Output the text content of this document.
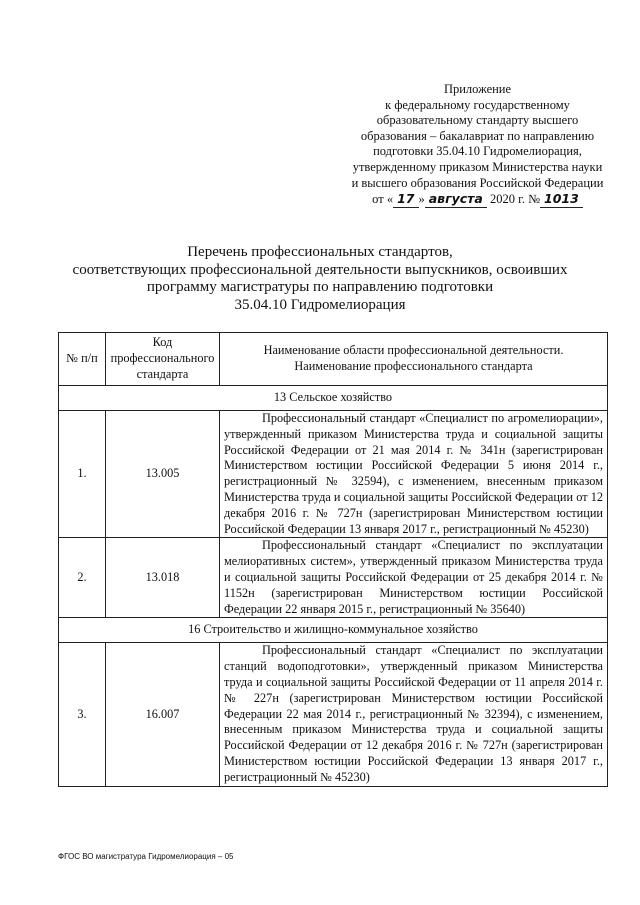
Приложение
к федеральному государственному
образовательному стандарту высшего
образования – бакалавриат по направлению
подготовки 35.04.10 Гидромелиорация,
утвержденному приказом Министерства науки
и высшего образования Российской Федерации
от « 17 » августа 2020 г. № 1013
Перечень профессиональных стандартов,
соответствующих профессиональной деятельности выпускников, освоивших
программу магистратуры по направлению подготовки
35.04.10 Гидромелиорация
№ п/п	Код профессионального стандарта	Наименование области профессиональной деятельности. Наименование профессионального стандарта
13 Сельское хозяйство		
1.	13.005	Профессиональный стандарт «Специалист по агромелиорации», утвержденный приказом Министерства труда и социальной защиты Российской Федерации от 21 мая 2014 г. № 341н (зарегистрирован Министерством юстиции Российской Федерации 5 июня 2014 г., регистрационный № 32594), с изменением, внесенным приказом Министерства труда и социальной защиты Российской Федерации от 12 декабря 2016 г. № 727н (зарегистрирован Министерством юстиции Российской Федерации 13 января 2017 г., регистрационный № 45230)
2.	13.018	Профессиональный стандарт «Специалист по эксплуатации мелиоративных систем», утвержденный приказом Министерства труда и социальной защиты Российской Федерации от 25 декабря 2014 г. № 1152н (зарегистрирован Министерством юстиции Российской Федерации 22 января 2015 г., регистрационный № 35640)
16 Строительство и жилищно-коммунальное хозяйство		
3.	16.007	Профессиональный стандарт «Специалист по эксплуатации станций водоподготовки», утвержденный приказом Министерства труда и социальной защиты Российской Федерации от 11 апреля 2014 г. № 227н (зарегистрирован Министерством юстиции Российской Федерации 22 мая 2014 г., регистрационный № 32394), с изменением, внесенным приказом Министерства труда и социальной защиты Российской Федерации от 12 декабря 2016 г. № 727н (зарегистрирован Министерством юстиции Российской Федерации 13 января 2017 г., регистрационный № 45230)
ФГОС ВО магистратура Гидромелиорация – 05
